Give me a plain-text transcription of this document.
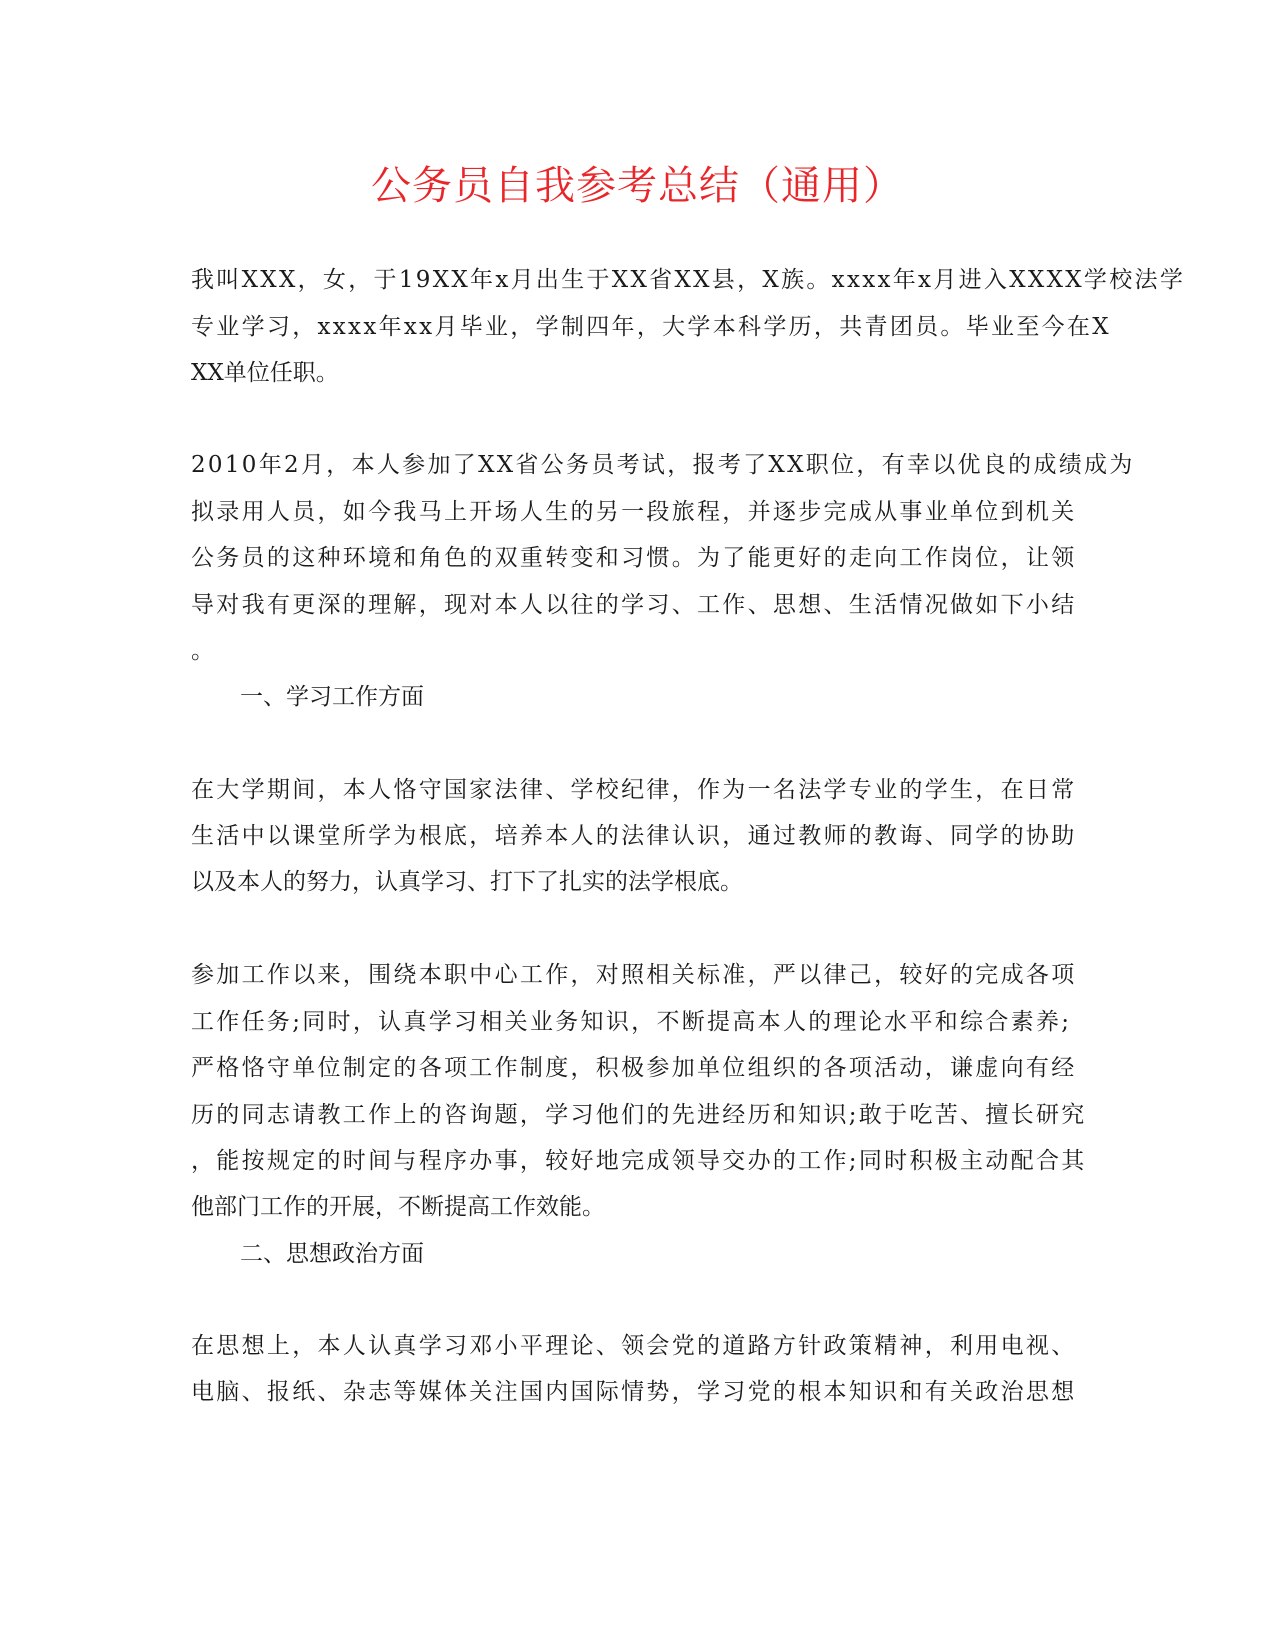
公务员自我参考总结（通用）
我叫XXX，女，于19XX年x月出生于XX省XX县，X族。xxxx年x月进入XXXX学校法学
专业学习，xxxx年xx月毕业，学制四年，大学本科学历，共青团员。毕业至今在X
XX单位任职。
2010年2月，本人参加了XX省公务员考试，报考了XX职位，有幸以优良的成绩成为
拟录用人员，如今我马上开场人生的另一段旅程，并逐步完成从事业单位到机关
公务员的这种环境和角色的双重转变和习惯。为了能更好的走向工作岗位，让领
导对我有更深的理解，现对本人以往的学习、工作、思想、生活情况做如下小结
。
一、学习工作方面
在大学期间，本人恪守国家法律、学校纪律，作为一名法学专业的学生，在日常
生活中以课堂所学为根底，培养本人的法律认识，通过教师的教诲、同学的协助
以及本人的努力，认真学习、打下了扎实的法学根底。
参加工作以来，围绕本职中心工作，对照相关标准，严以律己，较好的完成各项
工作任务;同时，认真学习相关业务知识，不断提高本人的理论水平和综合素养;
严格恪守单位制定的各项工作制度，积极参加单位组织的各项活动，谦虚向有经
历的同志请教工作上的咨询题，学习他们的先进经历和知识;敢于吃苦、擅长研究
，能按规定的时间与程序办事，较好地完成领导交办的工作;同时积极主动配合其
他部门工作的开展，不断提高工作效能。
二、思想政治方面
在思想上，本人认真学习邓小平理论、领会党的道路方针政策精神，利用电视、
电脑、报纸、杂志等媒体关注国内国际情势，学习党的根本知识和有关政治思想
